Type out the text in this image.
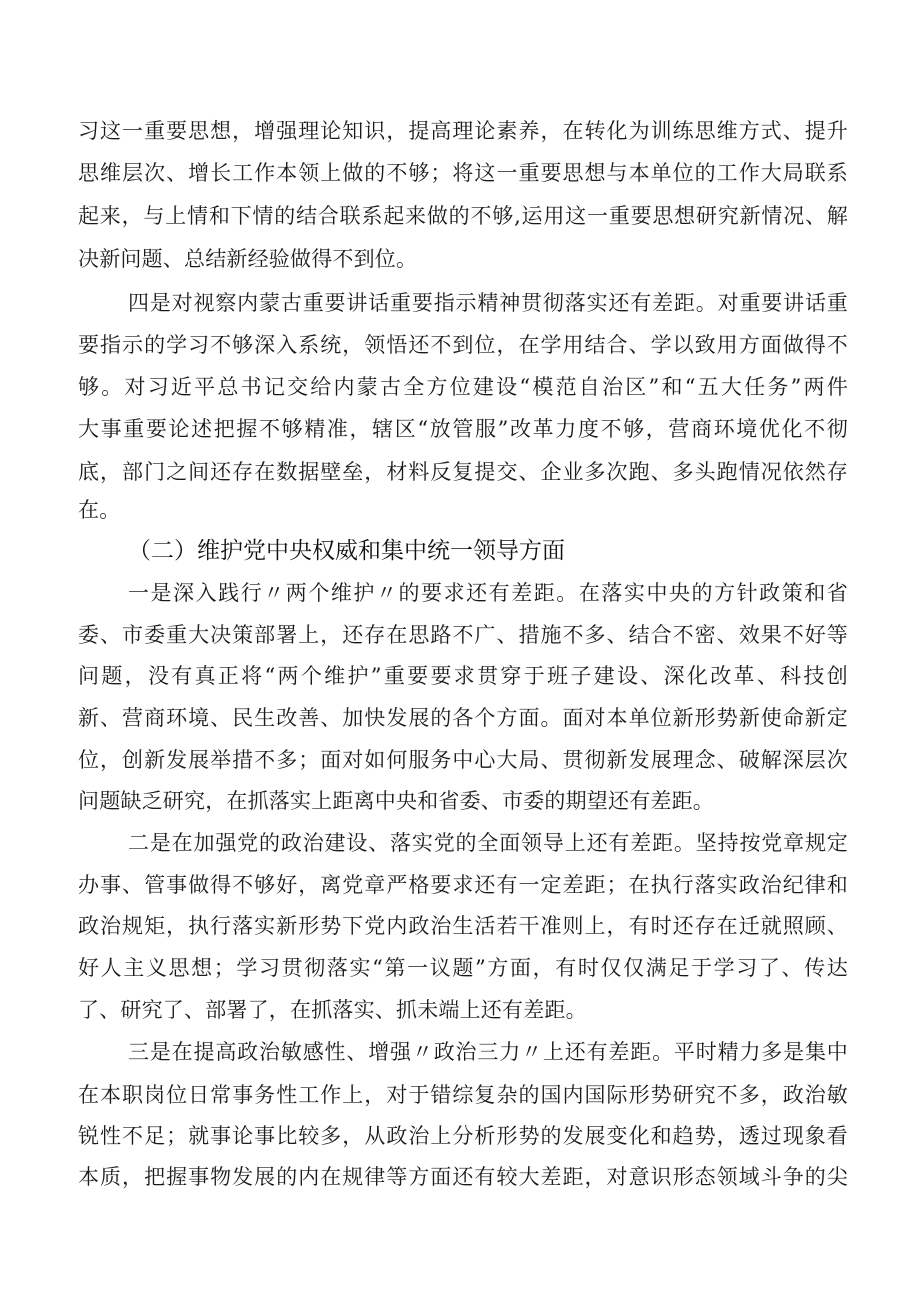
习这一重要思想，增强理论知识，提高理论素养，在转化为训练思维方式、提升
思维层次、增长工作本领上做的不够；将这一重要思想与本单位的工作大局联系
起来，与上情和下情的结合联系起来做的不够,运用这一重要思想研究新情况、解
决新问题、总结新经验做得不到位。
四是对视察内蒙古重要讲话重要指示精神贯彻落实还有差距。对重要讲话重
要指示的学习不够深入系统，领悟还不到位，在学用结合、学以致用方面做得不
够。对习近平总书记交给内蒙古全方位建设“模范自治区”和“五大任务”两件
大事重要论述把握不够精准，辖区“放管服”改革力度不够，营商环境优化不彻
底，部门之间还存在数据壁垒，材料反复提交、企业多次跑、多头跑情况依然存
在。
（二）维护党中央权威和集中统一领导方面
一是深入践行〃两个维护〃的要求还有差距。在落实中央的方针政策和省
委、市委重大决策部署上，还存在思路不广、措施不多、结合不密、效果不好等
问题，没有真正将“两个维护”重要要求贯穿于班子建设、深化改革、科技创
新、营商环境、民生改善、加快发展的各个方面。面对本单位新形势新使命新定
位，创新发展举措不多；面对如何服务中心大局、贯彻新发展理念、破解深层次
问题缺乏研究，在抓落实上距离中央和省委、市委的期望还有差距。
二是在加强党的政治建设、落实党的全面领导上还有差距。坚持按党章规定
办事、管事做得不够好，离党章严格要求还有一定差距；在执行落实政治纪律和
政治规矩，执行落实新形势下党内政治生活若干准则上，有时还存在迁就照顾、
好人主义思想；学习贯彻落实“第一议题”方面，有时仅仅满足于学习了、传达
了、研究了、部署了，在抓落实、抓未端上还有差距。
三是在提高政治敏感性、增强〃政治三力〃上还有差距。平时精力多是集中
在本职岗位日常事务性工作上，对于错综复杂的国内国际形势研究不多，政治敏
锐性不足；就事论事比较多，从政治上分析形势的发展变化和趋势，透过现象看
本质，把握事物发展的内在规律等方面还有较大差距，对意识形态领域斗争的尖
